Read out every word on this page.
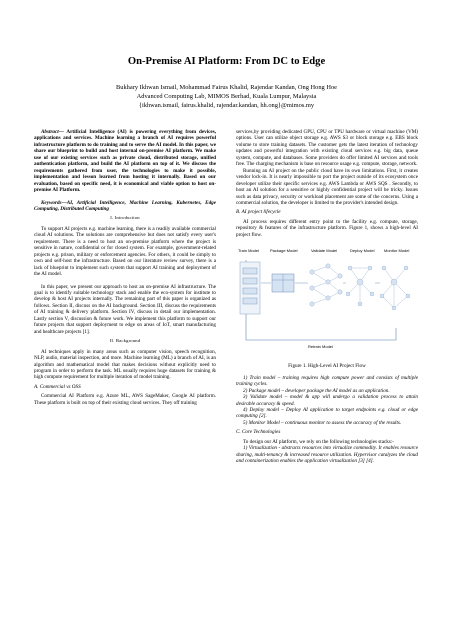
On-Premise AI Platform: From DC to Edge
Bukhary Ikhwan Ismail, Mohammad Fairus Khalid, Rajendar Kandan, Ong Hong Hoe
Advanced Computing Lab, MIMOS Berhad, Kuala Lumpur, Malaysia
{ikhwan.ismail, fairus.khalid, rajendar.kandan, hh.ong}@mimos.my

Abstract— Artificial Intelligence (AI) is powering everything from devices, applications and services. Machine learning a branch of AI requires powerful infrastructure platform to do training and to serve the AI model. In this paper, we share our blueprint to build and host internal on-premise AI platform. We make use of our existing services such as private cloud, distributed storage, unified authentication platform, and build the AI platform on top of it. We discuss the requirements gathered from user, the technologies to make it possible, implementation and lesson learned from hosting it internally. Based on our evaluation, based on specific need, it is economical and viable option to host on-premise AI Platform.

Keywords—AI, Artificial Intelligence, Machine Learning, Kubernetes, Edge Computing, Distributed Computing

I. Introduction

To support AI projects e.g. machine learning, there is a readily available commercial cloud AI solutions. The solutions are comprehensive but does not satisfy every user's requirement. There is a need to host an on-premise platform where the project is sensitive in nature, confidential or for closed system. For example, government-related projects e.g. prison, military or enforcement agencies. For others, it could be simply to own and self-host the infrastructure. Based on our literature review survey, there is a lack of blueprint to implement such system that support AI training and deployment of the AI model.

In this paper, we present our approach to host an on-premise AI infrastructure. The goal is to identify suitable technology stack and enable the eco-system for institute to develop & host AI projects internally. The remaining part of this paper is organized as follows. Section II, discuss on the AI background. Section III, discuss the requirements of AI training & delivery platform. Section IV, discuss in detail our implementation. Lastly section V, discussion & future work. We implement this platform to support our future projects that support deployment to edge on areas of IoT, smart manufacturing and healthcare projects [1].

II. Background

AI techniques apply in many areas such as computer vision, speech recognition, NLP, audio, material inspection, and more. Machine learning (ML) a branch of AI, is an algorithm and mathematical model that makes decisions without explicitly need to program in order to perform the task. ML usually requires huge datasets for training & high compute requirement for multiple iteration of model training.

A. Commercial vs OSS

Commercial AI Platform e.g. Azure ML, AWS SageMaker, Google AI platform. These platform is built on top of their existing cloud services. They off training

services,by providing dedicated GPU, CPU or TPU hardware or virtual machine (VM) options. User can utilize object storage e.g. AWS S3 or block storage e.g. EBS block volume to store training datasets. The customer gets the latest iteration of technology updates and powerful integration with existing cloud services e.g. big data, queue system, compute, and databases. Some providers do offer limited AI services and tools free. The charging mechanism is base on resource usage e.g. compute, storage, network.

Running an AI project on the public cloud have its own limitations. First, it creates vendor lock-in. It is nearly impossible to port the project outside of its ecosystem once developer utilize their specific services e.g. AWS Lambda or AWS SQS . Secondly, to host an AI solution for a sensitive or highly confidential project will be tricky. Issues such as data privacy, security or workload placement are some of the concerns. Using a commercial solution, the developer is limited to the provider's intended design.

B. AI project lifecycle

AI process requires different entry point to the facility e.g. compute, storage, repository & features of the infrastructure platform. Figure 1, shows a high-level AI project flow.

Train Model	Package Model	Validate Model	Deploy Model Monitor Model
Retrain Model
Figure 1. High-Level AI Project Flow

1) Train model – training requires high compute power and consists of multiple training cycles.

2) Package model – developer package the AI model as an application.

3) Validate model – model & app will undergo a validation process to attain desirable accuracy & speed.

4) Deploy model – Deploy AI application to target endpoints e.g. cloud or edge computing [2].

5) Monitor Model – continuous monitor to assess the accuracy of the results.

C. Core Technologies

To design our AI platform, we rely on the following technologies stacks:-

1) Virtualization - abstracts resources into virtualize commodity. It enables resource sharing, multi-tenancy & increased resource utilization. Hypervisor catalyzes the cloud and containerization enables the application virtualization [3] [4].
